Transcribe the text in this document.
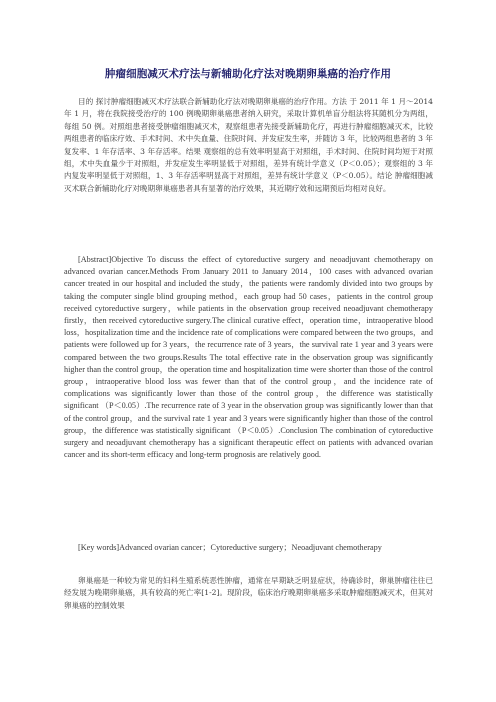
肿瘤细胞减灭术疗法与新辅助化疗法对晚期卵巢癌的治疗作用

目的 探讨肿瘤细胞减灭术疗法联合新辅助化疗法对晚期卵巢癌的治疗作用。方法 于 2011 年 1 月～2014 年 1 月，将在我院接受治疗的 100 例晚期卵巢癌患者纳入研究，采取计算机单盲分组法将其随机分为两组，每组 50 例。对照组患者接受肿瘤细胞减灭术，观察组患者先接受新辅助化疗，再进行肿瘤细胞减灭术，比较两组患者的临床疗效、手术时间、术中失血量、住院时间、并发症发生率，并随访 3 年，比较两组患者的 3 年复发率、1 年存活率、3 年存活率。结果 观察组的总有效率明显高于对照组，手术时间、住院时间均短于对照组，术中失血量少于对照组，并发症发生率明显低于对照组，差异有统计学意义（P＜0.05）；观察组的 3 年内复发率明显低于对照组，1、3 年存活率明显高于对照组，差异有统计学意义（P＜0.05）。结论 肿瘤细胞减灭术联合新辅助化疗对晚期卵巢癌患者具有显著的治疗效果，其近期疗效和远期预后均相对良好。

[Abstract]Objective To discuss the effect of cytoreductive surgery and neoadjuvant chemotherapy on advanced ovarian cancer.Methods From January 2011 to January 2014，100 cases with advanced ovarian cancer treated in our hospital and included the study，the patients were randomly divided into two groups by taking the computer single blind grouping method，each group had 50 cases，patients in the control group received cytoreductive surgery，while patients in the observation group received neoadjuvant chemotherapy firstly，then received cytoreductive surgery.The clinical curative effect，operation time，intraoperative blood loss，hospitalization time and the incidence rate of complications were compared between the two groups，and patients were followed up for 3 years，the recurrence rate of 3 years，the survival rate 1 year and 3 years were compared between the two groups.Results The total effective rate in the observation group was significantly higher than the control group，the operation time and hospitalization time were shorter than those of the control group，intraoperative blood loss was fewer than that of the control group，and the incidence rate of complications was significantly lower than those of the control group，the difference was statistically significant （P＜0.05）.The recurrence rate of 3 year in the observation group was significantly lower than that of the control group，and the survival rate 1 year and 3 years were significantly higher than those of the control group，the difference was statistically significant （P＜0.05）.Conclusion The combination of cytoreductive surgery and neoadjuvant chemotherapy has a significant therapeutic effect on patients with advanced ovarian cancer and its short-term efficacy and long-term prognosis are relatively good.

[Key words]Advanced ovarian cancer；Cytoreductive surgery；Neoadjuvant chemotherapy

卵巢癌是一种较为常见的妇科生殖系统恶性肿瘤，通常在早期缺乏明显症状，待确诊时，卵巢肿瘤往往已经发展为晚期卵巢癌，具有较高的死亡率[1-2]。现阶段，临床治疗晚期卵巢癌多采取肿瘤细胞减灭术，但其对卵巢癌的控制效果
